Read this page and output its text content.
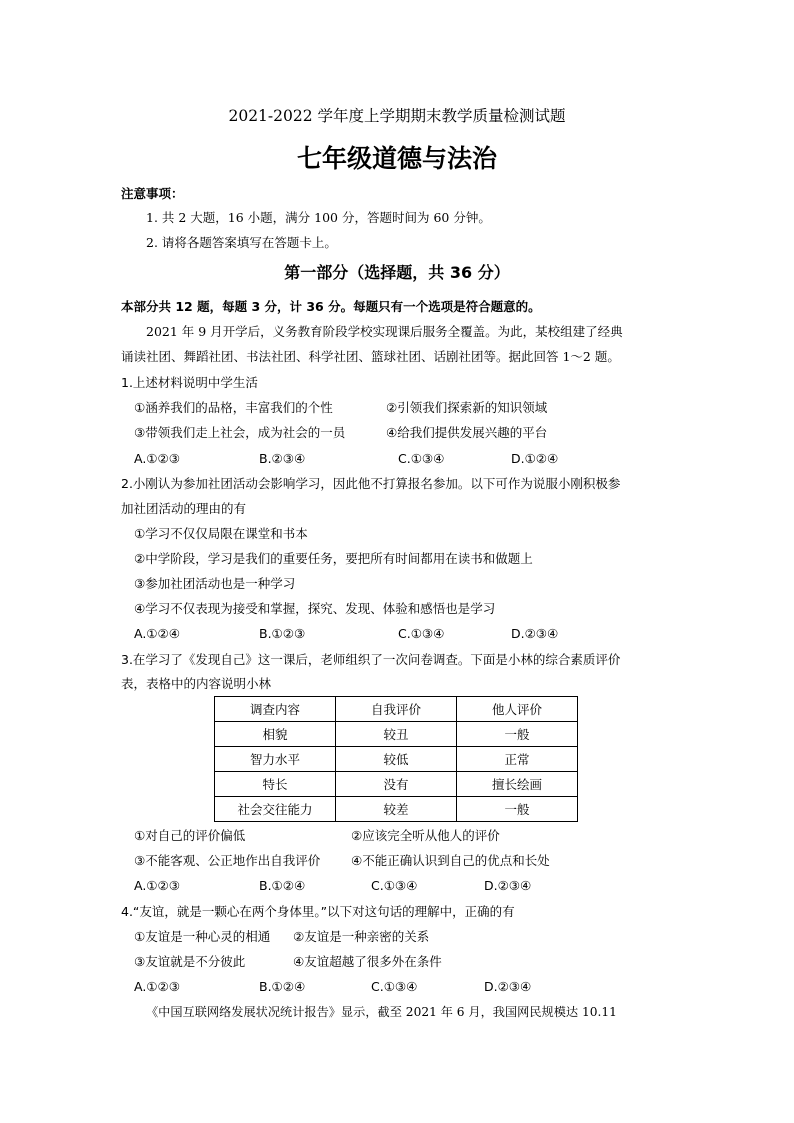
2021-2022 学年度上学期期末教学质量检测试题
七年级道德与法治
注意事项：
1. 共 2 大题，16 小题，满分 100 分，答题时间为 60 分钟。
2. 请将各题答案填写在答题卡上。
第一部分（选择题，共 36 分）
本部分共 12 题，每题 3 分，计 36 分。每题只有一个选项是符合题意的。
2021 年 9 月开学后，义务教育阶段学校实现课后服务全覆盖。为此，某校组建了经典
诵读社团、舞蹈社团、书法社团、科学社团、篮球社团、话剧社团等。据此回答 1～2 题。
1.上述材料说明中学生活
①涵养我们的品格，丰富我们的个性	②引领我们探索新的知识领域
③带领我们走上社会，成为社会的一员	④给我们提供发展兴趣的平台
A.①②③	B.②③④	C.①③④	D.①②④
2.小刚认为参加社团活动会影响学习，因此他不打算报名参加。以下可作为说服小刚积极参
加社团活动的理由的有
①学习不仅仅局限在课堂和书本
②中学阶段，学习是我们的重要任务，要把所有时间都用在读书和做题上
③参加社团活动也是一种学习
④学习不仅表现为接受和掌握，探究、发现、体验和感悟也是学习
A.①②④	B.①②③	C.①③④	D.②③④
3.在学习了《发现自己》这一课后，老师组织了一次问卷调查。下面是小林的综合素质评价
表，表格中的内容说明小林
调查内容	自我评价	他人评价
相貌	较丑	一般
智力水平	较低	正常
特长	没有	擅长绘画
社会交往能力	较差	一般
①对自己的评价偏低	②应该完全听从他人的评价
③不能客观、公正地作出自我评价 ④不能正确认识到自己的优点和长处
A.①②③	B.①②④	C.①③④	D.②③④
4.“友谊，就是一颗心在两个身体里。”以下对这句话的理解中，正确的有
①友谊是一种心灵的相通 ②友谊是一种亲密的关系
③友谊就是不分彼此	④友谊超越了很多外在条件
A.①②③	B.①②④	C.①③④	D.②③④
《中国互联网络发展状况统计报告》显示，截至 2021 年 6 月，我国网民规模达 10.11
